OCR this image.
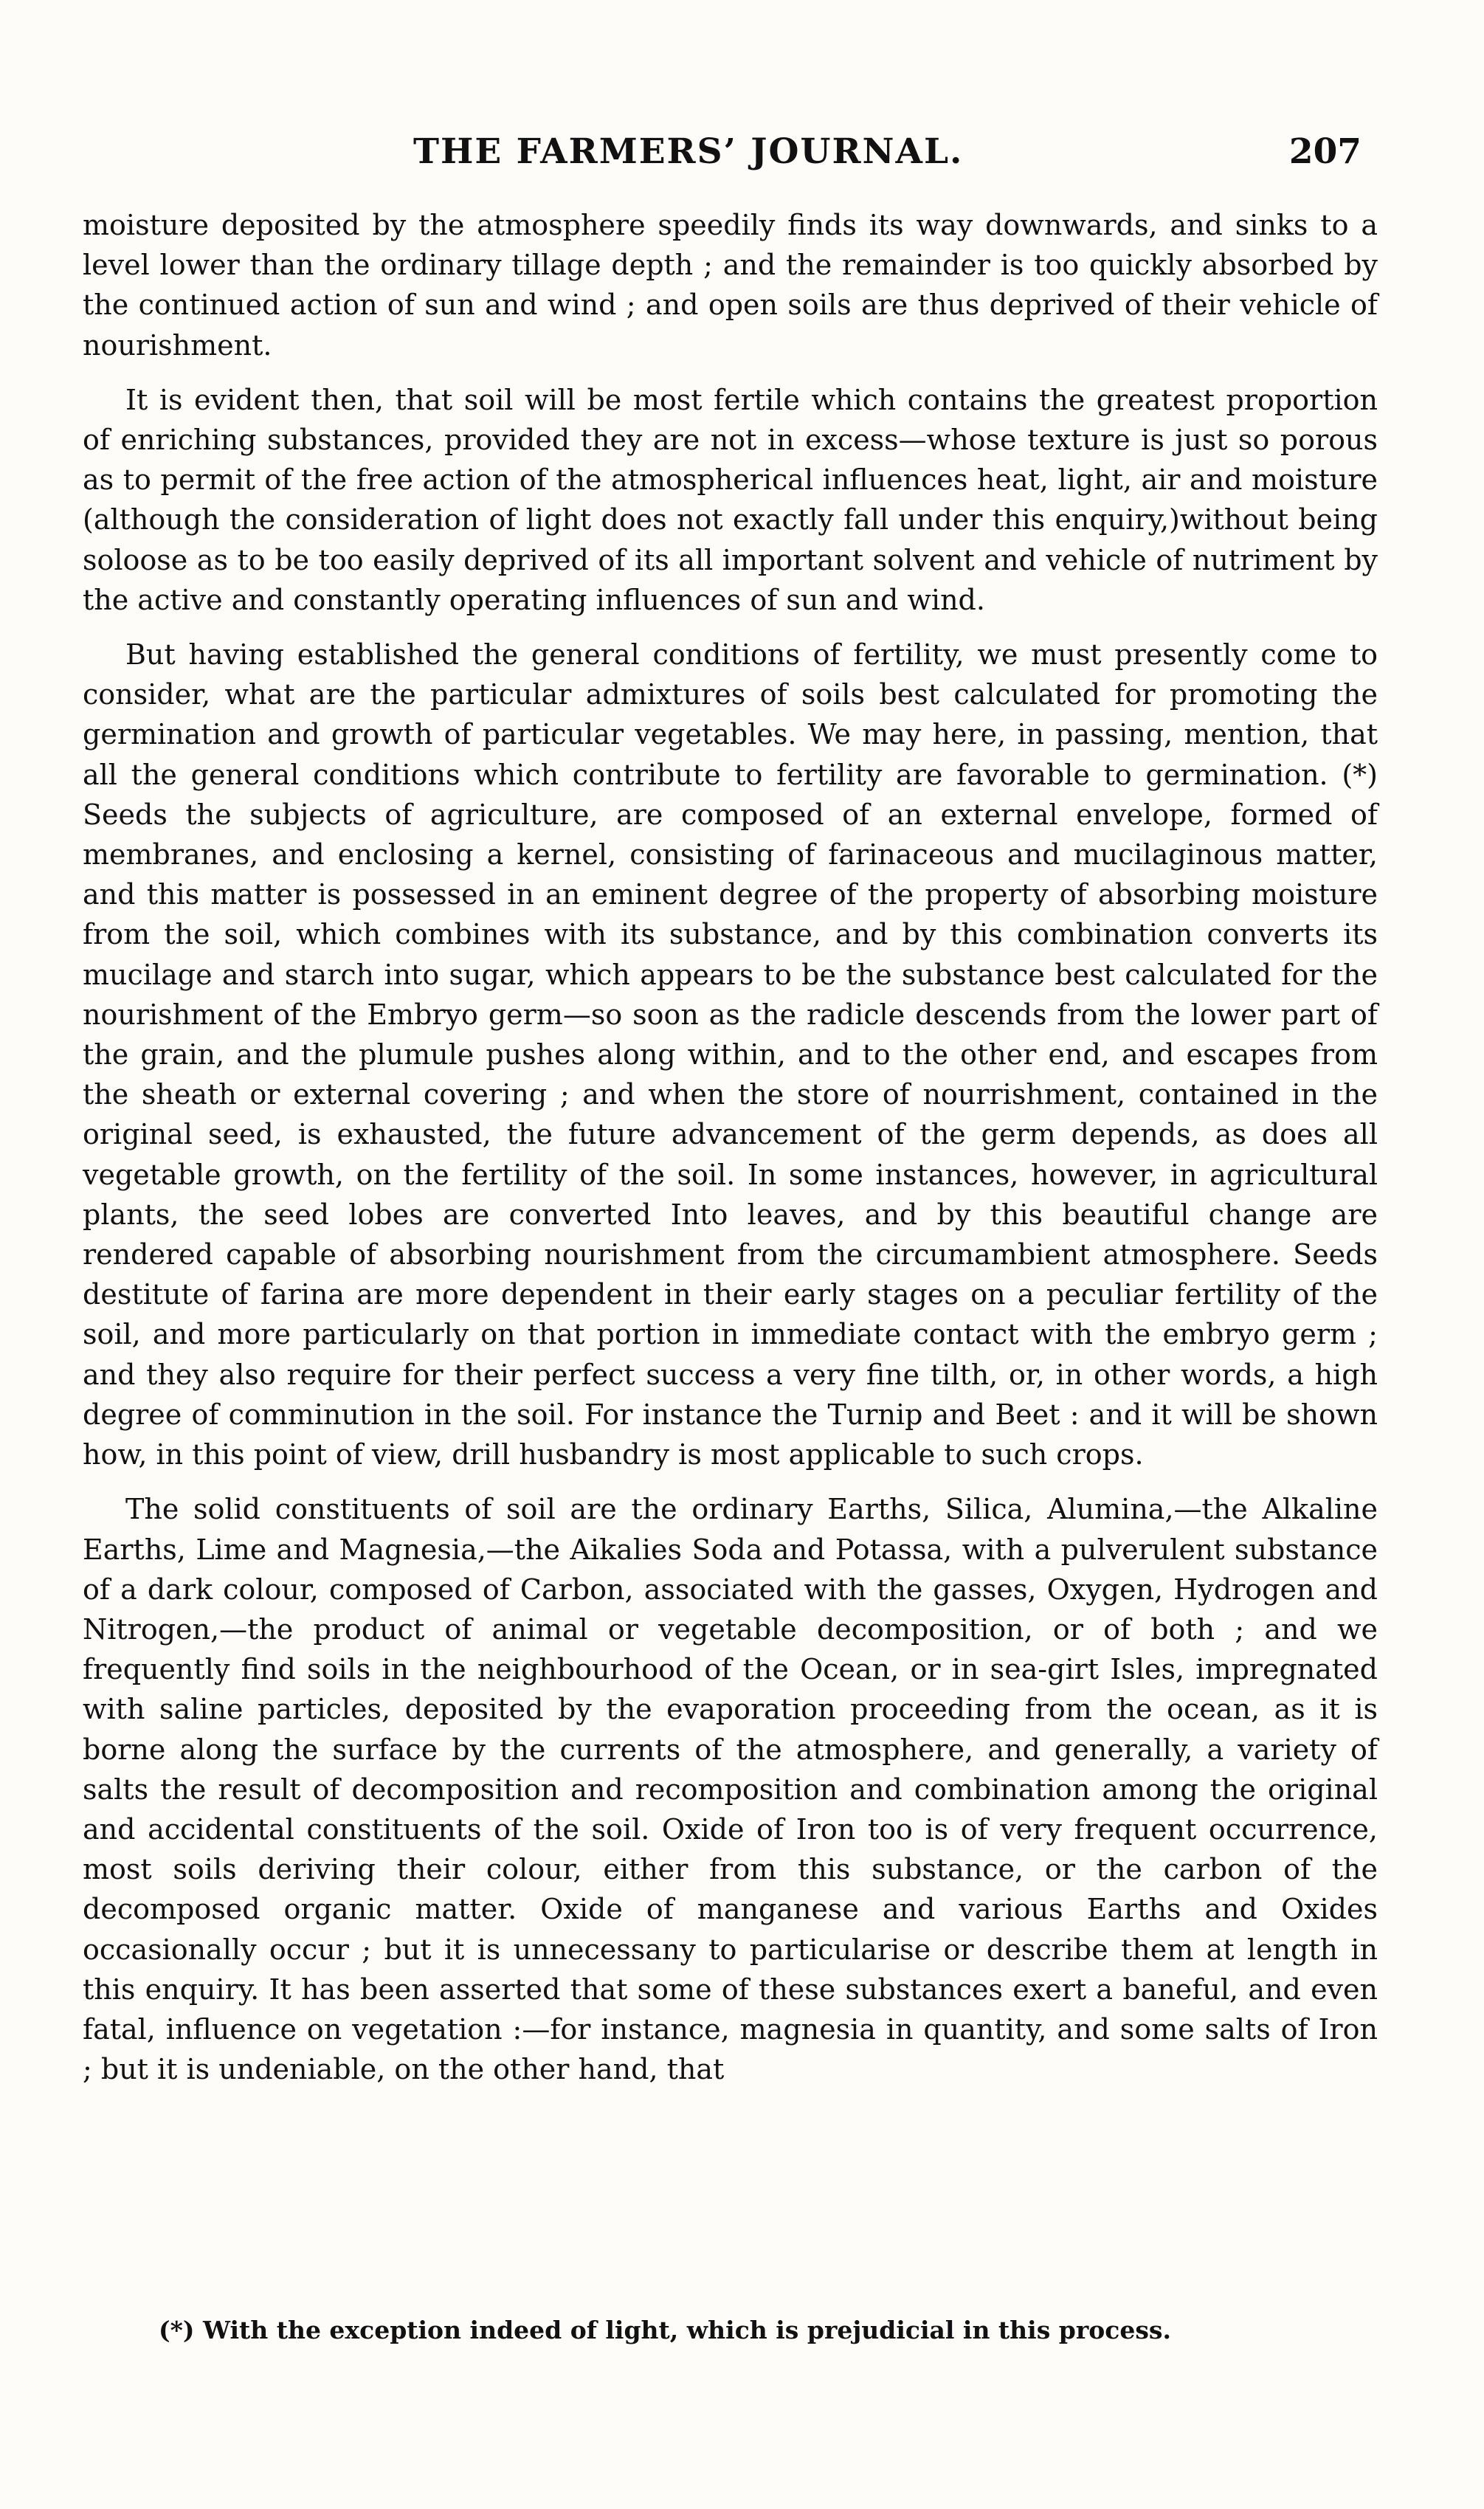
THE FARMERS’ JOURNAL.	207

moisture deposited by the atmosphere speedily finds its way downwards, and sinks to a level lower than the ordinary tillage depth ; and the remainder is too quickly absorbed by the continued action of sun and wind ; and open soils are thus deprived of their vehicle of nourishment.

It is evident then, that soil will be most fertile which contains the greatest proportion of enriching substances, provided they are not in excess—whose texture is just so porous as to permit of the free action of the atmospherical influences heat, light, air and moisture (although the consideration of light does not exactly fall under this enquiry,)without being soloose as to be too easily deprived of its all important solvent and vehicle of nutriment by the active and constantly operating influences of sun and wind.

But having established the general conditions of fertility, we must presently come to consider, what are the particular admixtures of soils best calculated for promoting the germination and growth of particular vegetables. We may here, in passing, mention, that all the general conditions which contribute to fertility are favorable to germination. (*) Seeds the subjects of agriculture, are composed of an external envelope, formed of membranes, and enclosing a kernel, consisting of farinaceous and mucilaginous matter, and this matter is possessed in an eminent degree of the property of absorbing moisture from the soil, which combines with its substance, and by this combination converts its mucilage and starch into sugar, which appears to be the substance best calculated for the nourishment of the Embryo germ—so soon as the radicle descends from the lower part of the grain, and the plumule pushes along within, and to the other end, and escapes from the sheath or external covering ; and when the store of nourrishment, contained in the original seed, is exhausted, the future advancement of the germ depends, as does all vegetable growth, on the fertility of the soil. In some instances, however, in agricultural plants, the seed lobes are converted Into leaves, and by this beautiful change are rendered capable of absorbing nourishment from the circumambient atmosphere. Seeds destitute of farina are more dependent in their early stages on a peculiar fertility of the soil, and more particularly on that portion in immediate contact with the embryo germ ; and they also require for their perfect success a very fine tilth, or, in other words, a high degree of comminution in the soil. For instance the Turnip and Beet : and it will be shown how, in this point of view, drill husbandry is most applicable to such crops.

The solid constituents of soil are the ordinary Earths, Silica, Alumina,—the Alkaline Earths, Lime and Magnesia,—the Aikalies Soda and Potassa, with a pulverulent substance of a dark colour, composed of Carbon, associated with the gasses, Oxygen, Hydrogen and Nitrogen,—the product of animal or vegetable decomposition, or of both ; and we frequently find soils in the neighbourhood of the Ocean, or in sea-girt Isles, impregnated with saline particles, deposited by the evaporation proceeding from the ocean, as it is borne along the surface by the currents of the atmosphere, and generally, a variety of salts the result of decomposition and recomposition and combination among the original and accidental constituents of the soil. Oxide of Iron too is of very frequent occurrence, most soils deriving their colour, either from this substance, or the carbon of the decomposed organic matter. Oxide of manganese and various Earths and Oxides occasionally occur ; but it is unnecessany to particularise or describe them at length in this enquiry. It has been asserted that some of these substances exert a baneful, and even fatal, influence on vegetation :—for instance, magnesia in quantity, and some salts of Iron ; but it is undeniable, on the other hand, that

(*) With the exception indeed of light, which is prejudicial in this process.
